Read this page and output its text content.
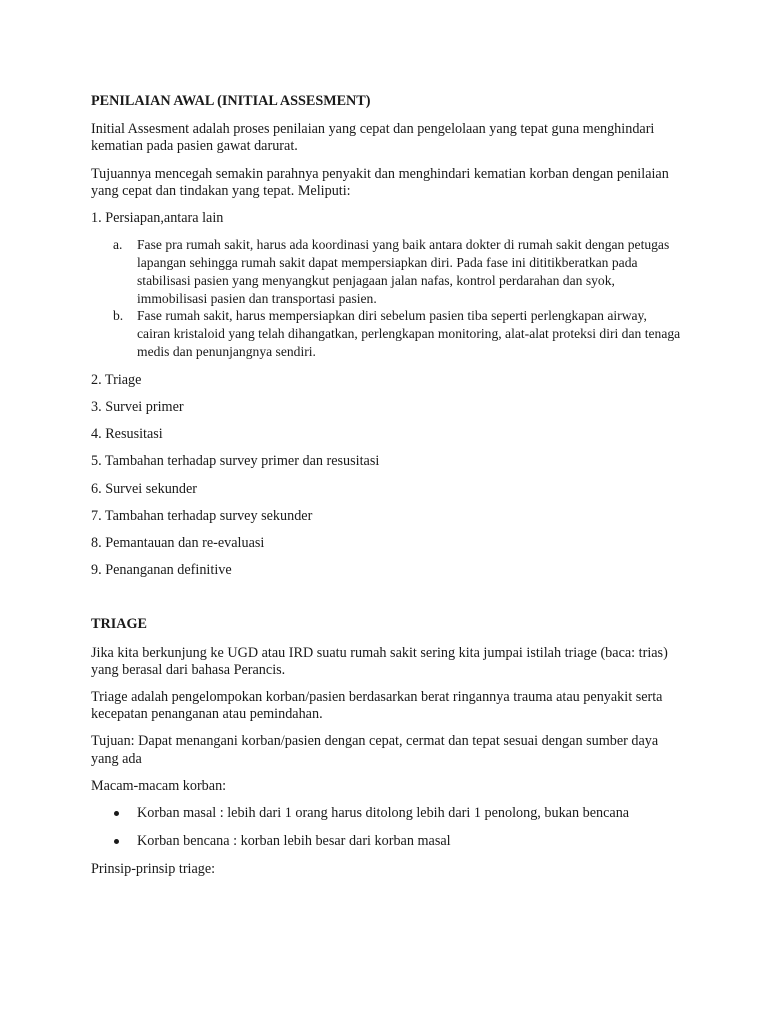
PENILAIAN AWAL (INITIAL ASSESMENT)

Initial Assesment adalah proses penilaian yang cepat dan pengelolaan yang tepat guna menghindari kematian pada pasien gawat darurat.

Tujuannya mencegah semakin parahnya penyakit dan menghindari kematian korban dengan penilaian yang cepat dan tindakan yang tepat. Meliputi:

1. Persiapan,antara lain

a. Fase pra rumah sakit, harus ada koordinasi yang baik antara dokter di rumah sakit dengan petugas lapangan sehingga rumah sakit dapat mempersiapkan diri. Pada fase ini dititikberatkan pada stabilisasi pasien yang menyangkut penjagaan jalan nafas, kontrol perdarahan dan syok, immobilisasi pasien dan transportasi pasien.
b. Fase rumah sakit, harus mempersiapkan diri sebelum pasien tiba seperti perlengkapan airway, cairan kristaloid yang telah dihangatkan, perlengkapan monitoring, alat-alat proteksi diri dan tenaga medis dan penunjangnya sendiri.

2. Triage

3. Survei primer

4. Resusitasi

5. Tambahan terhadap survey primer dan resusitasi

6. Survei sekunder

7. Tambahan terhadap survey sekunder

8. Pemantauan dan re-evaluasi

9. Penanganan definitive

TRIAGE

Jika kita berkunjung ke UGD atau IRD suatu rumah sakit sering kita jumpai istilah triage (baca: trias) yang berasal dari bahasa Perancis.

Triage adalah pengelompokan korban/pasien berdasarkan berat ringannya trauma atau penyakit serta kecepatan penanganan atau pemindahan.

Tujuan: Dapat menangani korban/pasien dengan cepat, cermat dan tepat sesuai dengan sumber daya yang ada

Macam-macam korban:

Korban masal : lebih dari 1 orang harus ditolong lebih dari 1 penolong, bukan bencana
Korban bencana : korban lebih besar dari korban masal

Prinsip-prinsip triage:
